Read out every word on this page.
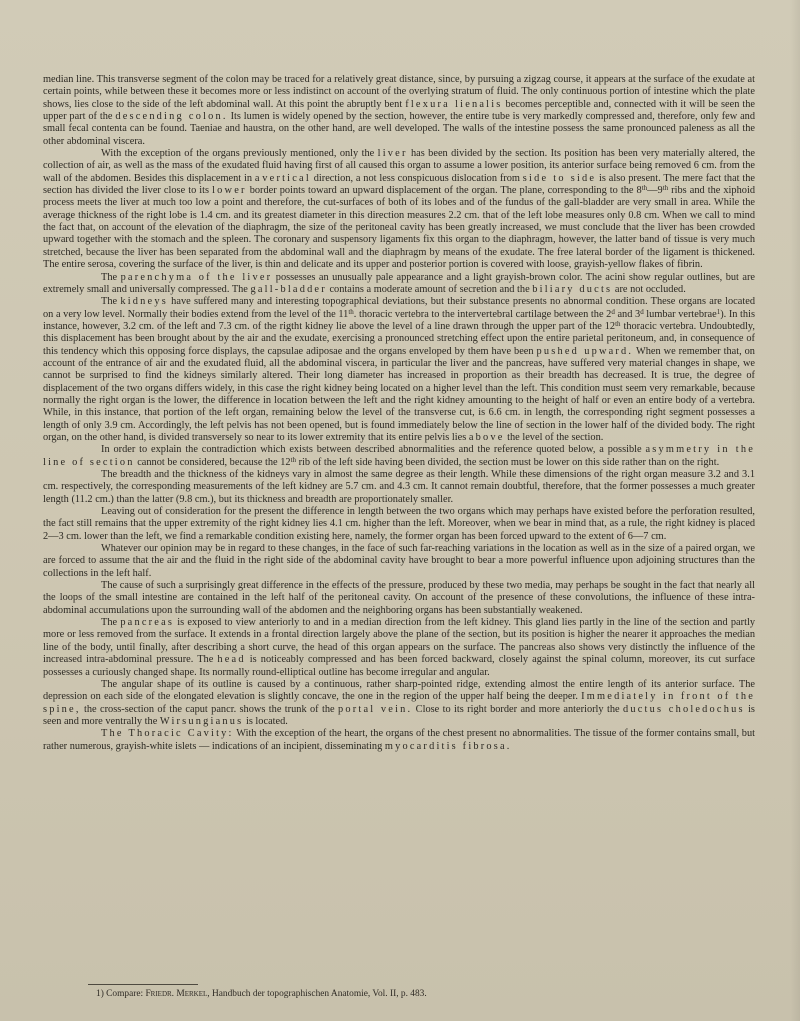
median line. This transverse segment of the colon may be traced for a relatively great distance, since, by pursuing a zigzag course, it appears at the surface of the exudate at certain points, while between these it becomes more or less indistinct on account of the overlying stratum of fluid. The only continuous portion of intestine which the plate shows, lies close to the side of the left abdominal wall. At this point the abruptly bent flexura lienalis becomes perceptible and, connected with it will be seen the upper part of the descending colon. Its lumen is widely opened by the section, however, the entire tube is very markedly compressed and, therefore, only few and small fecal contenta can be found. Taeniae and haustra, on the other hand, are well developed. The walls of the intestine possess the same pronounced paleness as all the other abdominal viscera.

With the exception of the organs previously mentioned, only the liver has been divided by the section. Its position has been very materially altered, the collection of air, as well as the mass of the exudated fluid having first of all caused this organ to assume a lower position, its anterior surface being removed 6 cm. from the wall of the abdomen. Besides this displacement in a vertical direction, a not less conspicuous dislocation from side to side is also present. The mere fact that the section has divided the liver close to its lower border points toward an upward displacement of the organ. The plane, corresponding to the 8th—9th ribs and the xiphoid process meets the liver at much too low a point and therefore, the cut-surfaces of both of its lobes and of the fundus of the gall-bladder are very small in area. While the average thickness of the right lobe is 1.4 cm. and its greatest diameter in this direction measures 2.2 cm. that of the left lobe measures only 0.8 cm. When we call to mind the fact that, on account of the elevation of the diaphragm, the size of the peritoneal cavity has been greatly increased, we must conclude that the liver has been crowded upward together with the stomach and the spleen. The coronary and suspensory ligaments fix this organ to the diaphragm, however, the latter band of tissue is very much stretched, because the liver has been separated from the abdominal wall and the diaphragm by means of the exudate. The free lateral border of the ligament is thickened. The entire serosa, covering the surface of the liver, is thin and delicate and its upper and posterior portion is covered with loose, grayish-yellow flakes of fibrin.

The parenchyma of the liver possesses an unusually pale appearance and a light grayish-brown color. The acini show regular outlines, but are extremely small and universally compressed. The gall-bladder contains a moderate amount of secretion and the biliary ducts are not occluded.

The kidneys have suffered many and interesting topographical deviations, but their substance presents no abnormal condition. These organs are located on a very low level. Normally their bodies extend from the level of the 11th. thoracic vertebra to the intervertebral cartilage between the 2$^d$ and 3$^d$ lumbar vertebrae$^1$). In this instance, however, 3.2 cm. of the left and 7.3 cm. of the rigtht kidney lie above the level of a line drawn through the upper part of the 12th thoracic vertebra. Undoubtedly, this displacement has been brought about by the air and the exudate, exercising a pronounced stretching effect upon the entire parietal peritoneum, and, in consequence of this tendency which this opposing force displays, the capsulae adiposae and the organs enveloped by them have been pushed upward. When we remember that, on account of the entrance of air and the exudated fluid, all the abdominal viscera, in particular the liver and the pancreas, have suffered very material changes in shape, we cannot be surprised to find the kidneys similarly altered. Their long diameter has increased in proportion as their breadth has decreased. It is true, the degree of displacement of the two organs differs widely, in this case the right kidney being located on a higher level than the left. This condition must seem very remarkable, because normally the right organ is the lower, the difference in location between the left and the right kidney amounting to the height of half or even an entire body of a vertebra. While, in this instance, that portion of the left organ, remaining below the level of the transverse cut, is 6.6 cm. in length, the corresponding right segment possesses a length of only 3.9 cm. Accordingly, the left pelvis has not been opened, but is found immediately below the line of section in the lower half of the divided body. The right organ, on the other hand, is divided transversely so near to its lower extremity that its entire pelvis lies above the level of the section.

In order to explain the contradiction which exists between described abnormalities and the reference quoted below, a possible asymmetry in the line of section cannot be considered, because the 12th rib of the left side having been divided, the section must be lower on this side rather than on the right.

The breadth and the thickness of the kidneys vary in almost the same degree as their length. While these dimensions of the right organ measure 3.2 and 3.1 cm. respectively, the corresponding measurements of the left kidney are 5.7 cm. and 4.3 cm. It cannot remain doubtful, therefore, that the former possesses a much greater length (11.2 cm.) than the latter (9.8 cm.), but its thickness and breadth are proportionately smaller.

Leaving out of consideration for the present the difference in length between the two organs which may perhaps have existed before the perforation resulted, the fact still remains that the upper extremity of the right kidney lies 4.1 cm. higher than the left. Moreover, when we bear in mind that, as a rule, the right kidney is placed 2—3 cm. lower than the left, we find a remarkable condition existing here, namely, the former organ has been forced upward to the extent of 6—7 cm.

Whatever our opinion may be in regard to these changes, in the face of such far-reaching variations in the location as well as in the size of a paired organ, we are forced to assume that the air and the fluid in the right side of the abdominal cavity have brought to bear a more powerful influence upon adjoining structures than the collections in the left half.

The cause of such a surprisingly great difference in the effects of the pressure, produced by these two media, may perhaps be sought in the fact that nearly all the loops of the small intestine are contained in the left half of the peritoneal cavity. On account of the presence of these convolutions, the influence of these intra-abdominal accumulations upon the surrounding wall of the abdomen and the neighboring organs has been substantially weakened.

The pancreas is exposed to view anteriorly to and in a median direction from the left kidney. This gland lies partly in the line of the section and partly more or less removed from the surface. It extends in a frontal direction largely above the plane of the section, but its position is higher the nearer it approaches the median line of the body, until finally, after describing a short curve, the head of this organ appears on the surface. The pancreas also shows very distinctly the influence of the increased intra-abdominal pressure. The head is noticeably compressed and has been forced backward, closely against the spinal column, moreover, its cut surface possesses a curiously changed shape. Its normally round-elliptical outline has become irregular and angular.

The angular shape of its outline is caused by a continuous, rather sharp-pointed ridge, extending almost the entire length of its anterior surface. The depression on each side of the elongated elevation is slightly concave, the one in the region of the upper half being the deeper. Immediately in front of the spine, the cross-section of the caput pancr. shows the trunk of the portal vein. Close to its right border and more anteriorly the ductus choledochus is seen and more ventrally the Wirsungianus is located.

The Thoracic Cavity: With the exception of the heart, the organs of the chest present no abnormalities. The tissue of the former contains small, but rather numerous, grayish-white islets — indications of an incipient, disseminating myocarditis fibrosa.

1) Compare: Friedr. Merkel, Handbuch der topographischen Anatomie, Vol. II, p. 483.
